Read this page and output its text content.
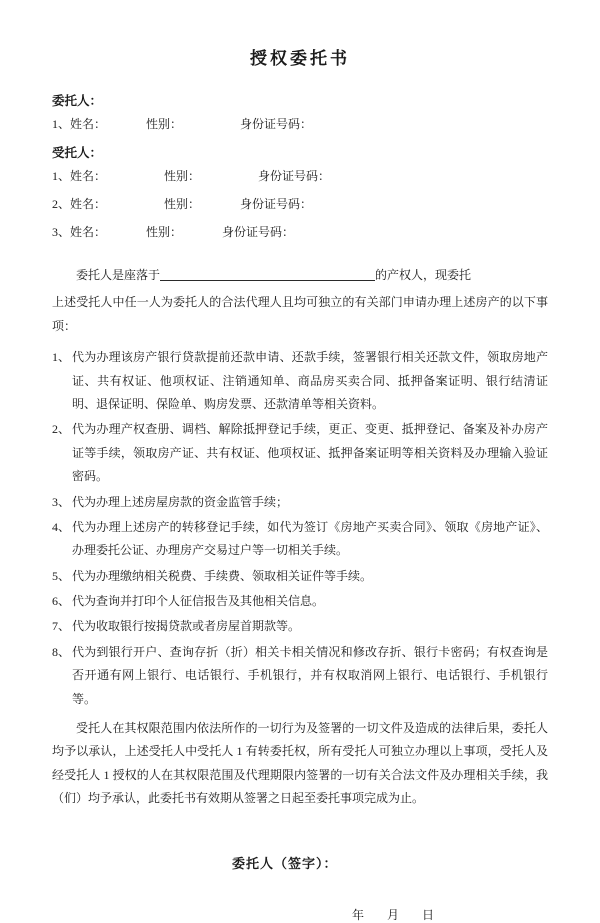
授权委托书
委托人：
1、姓名：	性别：	身份证号码：
受托人：
1、姓名：	性别：	身份证号码：
2、姓名：	性别：	身份证号码：
3、姓名：	性别：	身份证号码：

委托人是座落于	的产权人，现委托

上述受托人中任一人为委托人的合法代理人且均可独立的有关部门申请办理上述房产的以下事项：

1、 代为办理该房产银行贷款提前还款申请、还款手续，签署银行相关还款文件，领取房地产证、共有权证、他项权证、注销通知单、商品房买卖合同、抵押备案证明、银行结清证明、退保证明、保险单、购房发票、还款清单等相关资料。
2、 代为办理产权查册、调档、解除抵押登记手续，更正、变更、抵押登记、备案及补办房产证等手续，领取房产证、共有权证、他项权证、抵押备案证明等相关资料及办理输入验证密码。
3、 代为办理上述房屋房款的资金监管手续；
4、 代为办理上述房产的转移登记手续，如代为签订《房地产买卖合同》、领取《房地产证》、办理委托公证、办理房产交易过户等一切相关手续。
5、 代为办理缴纳相关税费、手续费、领取相关证件等手续。
6、 代为查询并打印个人征信报告及其他相关信息。
7、 代为收取银行按揭贷款或者房屋首期款等。
8、 代为到银行开户、查询存折（折）相关卡相关情况和修改存折、银行卡密码；有权查询是否开通有网上银行、电话银行、手机银行，并有权取消网上银行、电话银行、手机银行等。

受托人在其权限范围内依法所作的一切行为及签署的一切文件及造成的法律后果，委托人均予以承认，上述受托人中受托人 1 有转委托权，所有受托人可独立办理以上事项，受托人及经受托人 1 授权的人在其权限范围及代理期限内签署的一切有关合法文件及办理相关手续，我（们）均予承认，此委托书有效期从签署之日起至委托事项完成为止。

委托人（签字）：
年 月 日
